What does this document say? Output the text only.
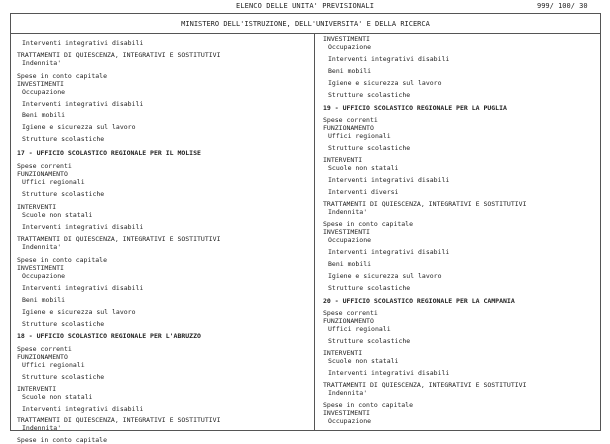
ELENCO DELLE UNITA' PREVISIONALI	999/ 100/ 30
MINISTERO DELL'ISTRUZIONE, DELL'UNIVERSITA' E DELLA RICERCA
Interventi integrativi disabili
TRATTAMENTI DI QUIESCENZA, INTEGRATIVI E SOSTITUTIVI
Indennita'
Spese in conto capitale
INVESTIMENTI
Occupazione
Interventi integrativi disabili
Beni mobili
Igiene e sicurezza sul lavoro
Strutture scolastiche
17 - UFFICIO SCOLASTICO REGIONALE PER IL MOLISE
Spese correnti
FUNZIONAMENTO
Uffici regionali
Strutture scolastiche
INTERVENTI
Scuole non statali
Interventi integrativi disabili
TRATTAMENTI DI QUIESCENZA, INTEGRATIVI E SOSTITUTIVI
Indennita'
Spese in conto capitale
INVESTIMENTI
Occupazione
Interventi integrativi disabili
Beni mobili
Igiene e sicurezza sul lavoro
Strutture scolastiche
18 - UFFICIO SCOLASTICO REGIONALE PER L'ABRUZZO
Spese correnti
FUNZIONAMENTO
Uffici regionali
Strutture scolastiche
INTERVENTI
Scuole non statali
Interventi integrativi disabili
TRATTAMENTI DI QUIESCENZA, INTEGRATIVI E SOSTITUTIVI
Indennita'
Spese in conto capitale
INVESTIMENTI
Occupazione
Interventi integrativi disabili
Beni mobili
Igiene e sicurezza sul lavoro
Strutture scolastiche
19 - UFFICIO SCOLASTICO REGIONALE PER LA PUGLIA
Spese correnti
FUNZIONAMENTO
Uffici regionali
Strutture scolastiche
INTERVENTI
Scuole non statali
Interventi integrativi disabili
Interventi diversi
TRATTAMENTI DI QUIESCENZA, INTEGRATIVI E SOSTITUTIVI
Indennita'
Spese in conto capitale
INVESTIMENTI
Occupazione
Interventi integrativi disabili
Beni mobili
Igiene e sicurezza sul lavoro
Strutture scolastiche
20 - UFFICIO SCOLASTICO REGIONALE PER LA CAMPANIA
Spese correnti
FUNZIONAMENTO
Uffici regionali
Strutture scolastiche
INTERVENTI
Scuole non statali
Interventi integrativi disabili
TRATTAMENTI DI QUIESCENZA, INTEGRATIVI E SOSTITUTIVI
Indennita'
Spese in conto capitale
INVESTIMENTI
Occupazione
